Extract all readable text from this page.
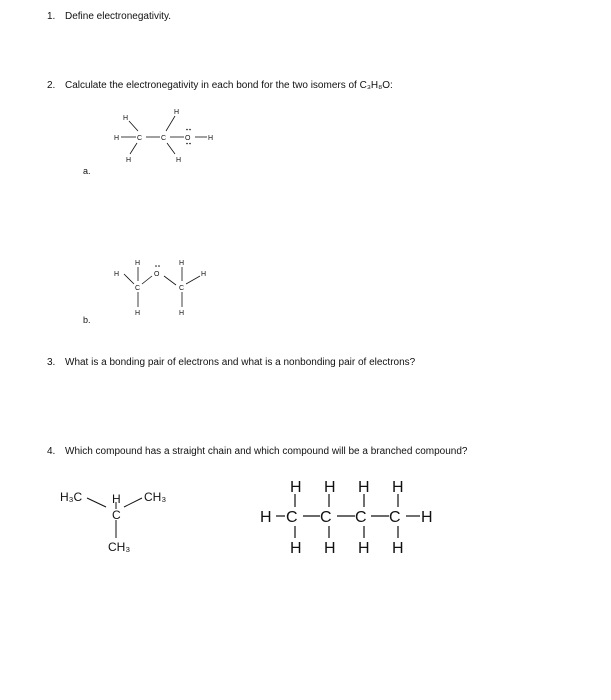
1. Define electronegativity.
2. Calculate the electronegativity in each bond for the two isomers of C₃H₈O:
3. What is a bonding pair of electrons and what is a nonbonding pair of electrons?
4. Which compound has a straight chain and which compound will be a branched compound?
a.
b.
H	C	C	O	H
H
H
H
H
H
H
C
H
O
H
C
H
H
H₃C H CH₃
C
CH₃
H H H H
H C C C C H
H H H H
